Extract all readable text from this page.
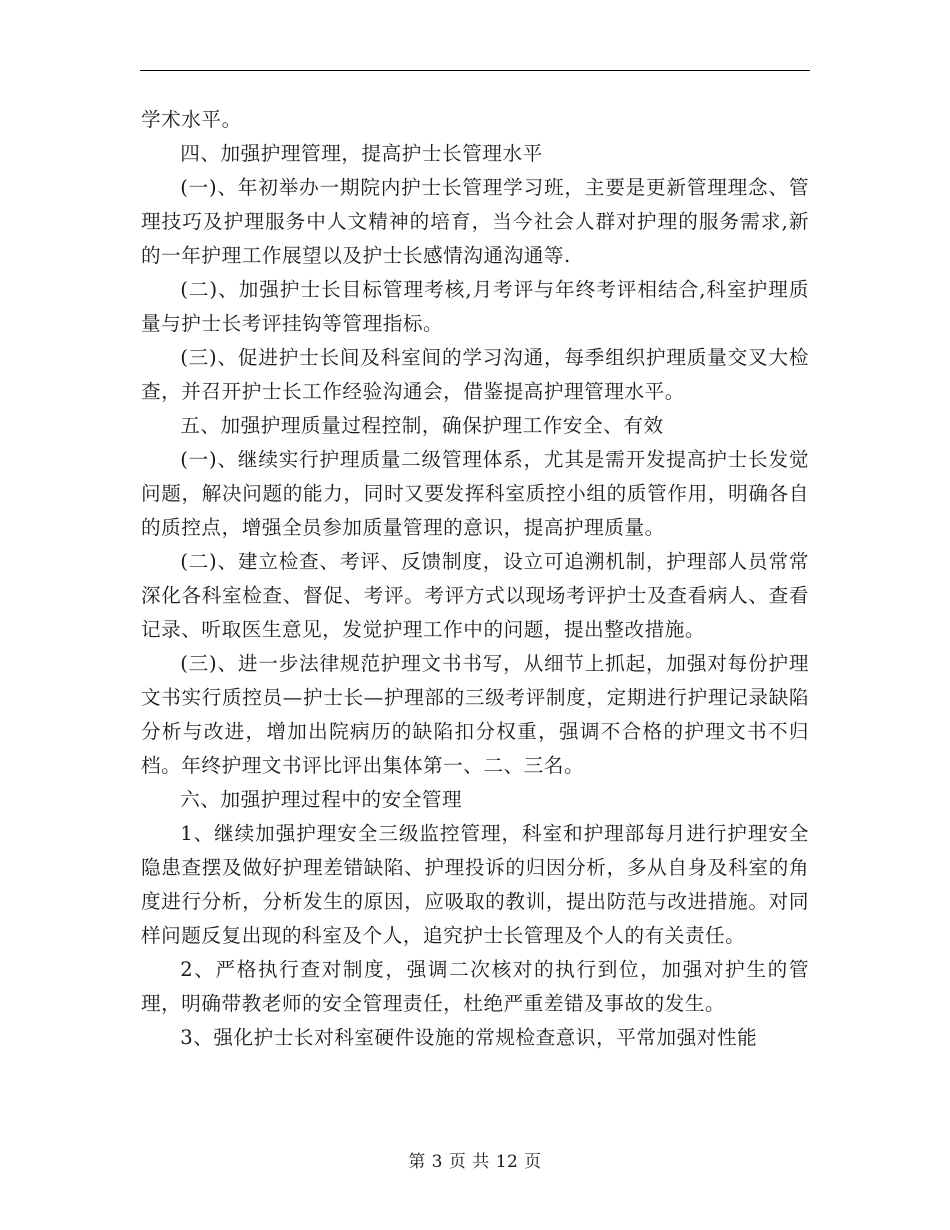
学术水平。

四、加强护理管理，提高护士长管理水平

(一)、年初举办一期院内护士长管理学习班，主要是更新管理理念、管理技巧及护理服务中人文精神的培育，当今社会人群对护理的服务需求,新的一年护理工作展望以及护士长感情沟通沟通等.

(二)、加强护士长目标管理考核,月考评与年终考评相结合,科室护理质量与护士长考评挂钩等管理指标。

(三)、促进护士长间及科室间的学习沟通，每季组织护理质量交叉大检查，并召开护士长工作经验沟通会，借鉴提高护理管理水平。

五、加强护理质量过程控制，确保护理工作安全、有效

(一)、继续实行护理质量二级管理体系，尤其是需开发提高护士长发觉问题，解决问题的能力，同时又要发挥科室质控小组的质管作用，明确各自的质控点，增强全员参加质量管理的意识，提高护理质量。

(二)、建立检查、考评、反馈制度，设立可追溯机制，护理部人员常常深化各科室检查、督促、考评。考评方式以现场考评护士及查看病人、查看记录、听取医生意见，发觉护理工作中的问题，提出整改措施。

(三)、进一步法律规范护理文书书写，从细节上抓起，加强对每份护理文书实行质控员—护士长—护理部的三级考评制度，定期进行护理记录缺陷分析与改进，增加出院病历的缺陷扣分权重，强调不合格的护理文书不归档。年终护理文书评比评出集体第一、二、三名。

六、加强护理过程中的安全管理

1、继续加强护理安全三级监控管理，科室和护理部每月进行护理安全隐患查摆及做好护理差错缺陷、护理投诉的归因分析，多从自身及科室的角度进行分析，分析发生的原因，应吸取的教训，提出防范与改进措施。对同样问题反复出现的科室及个人，追究护士长管理及个人的有关责任。

2、严格执行查对制度，强调二次核对的执行到位，加强对护生的管理，明确带教老师的安全管理责任，杜绝严重差错及事故的发生。

3、强化护士长对科室硬件设施的常规检查意识，平常加强对性能

第 3 页 共 12 页
